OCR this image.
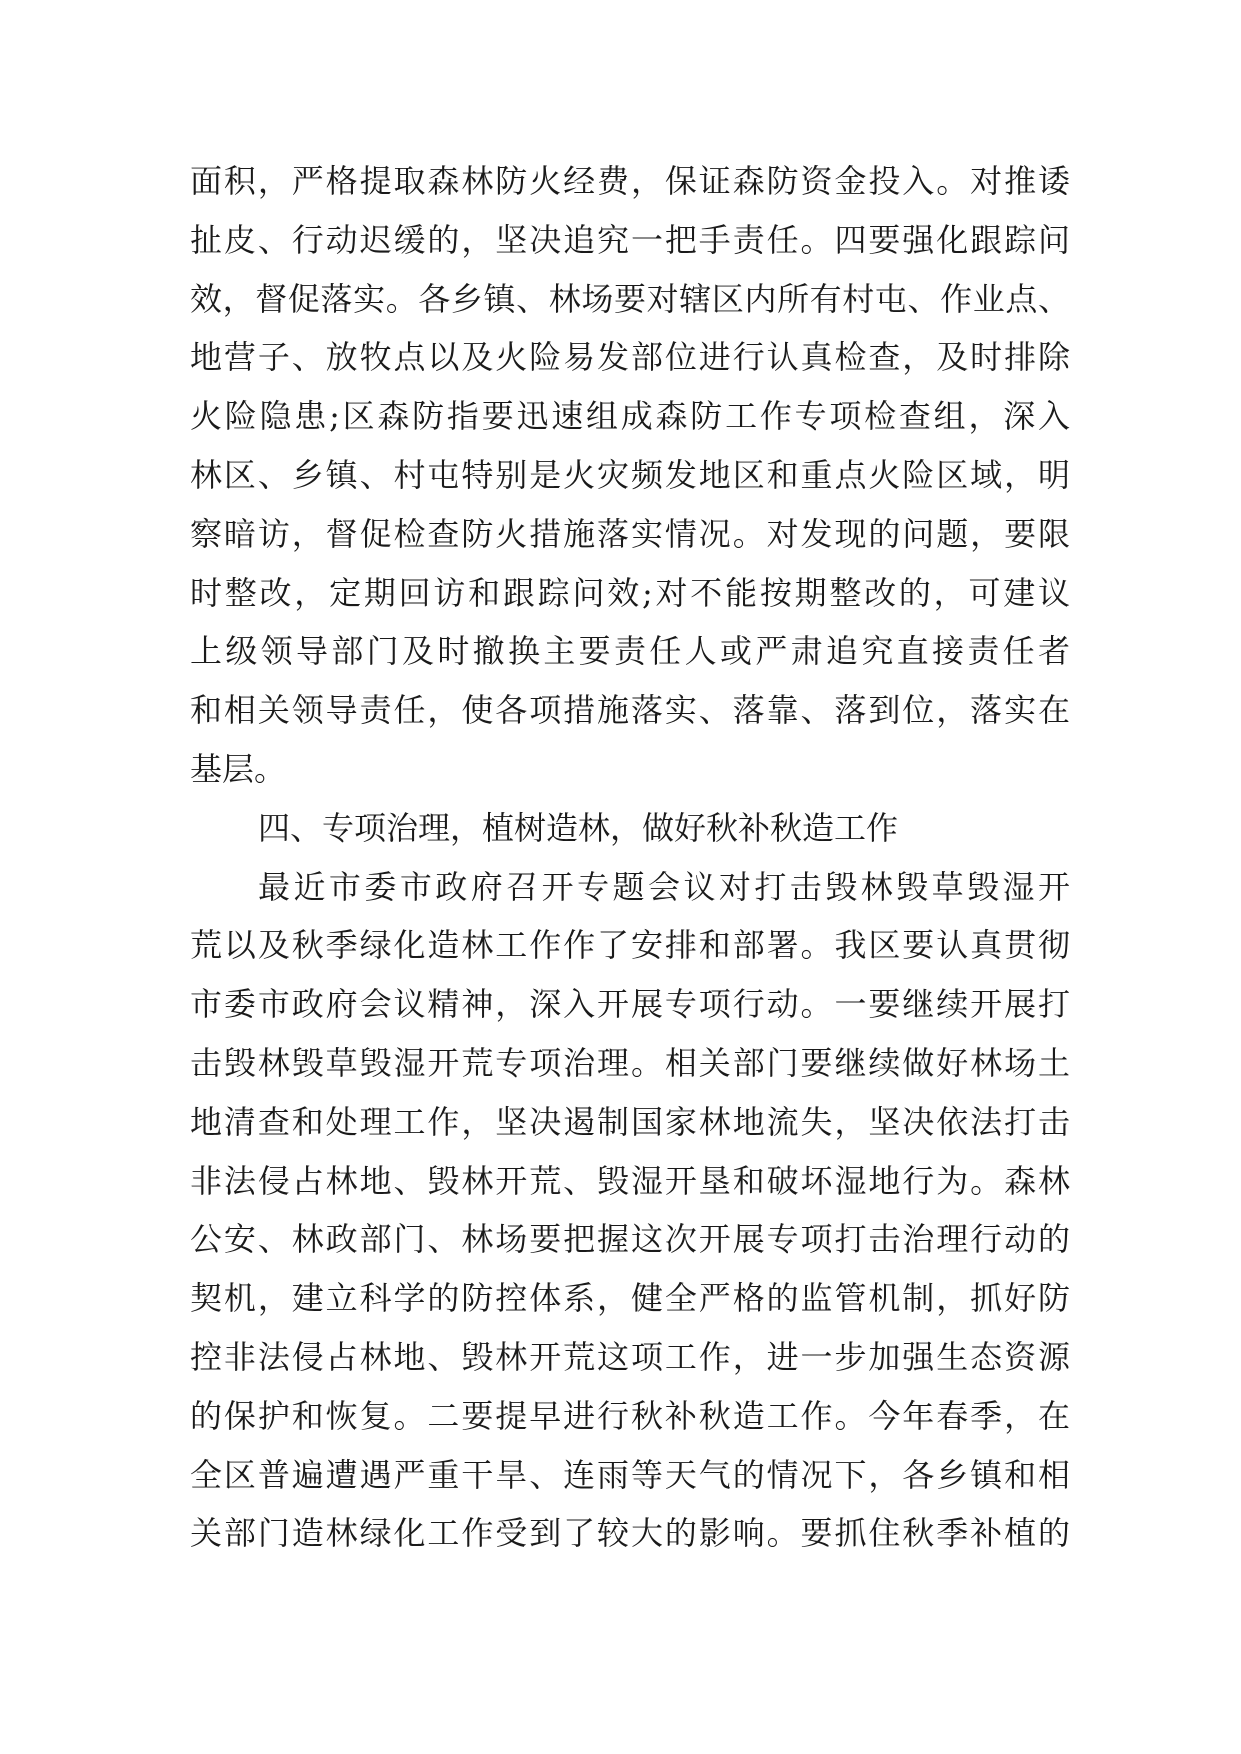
面积，严格提取森林防火经费，保证森防资金投入。对推诿
扯皮、行动迟缓的，坚决追究一把手责任。四要强化跟踪问
效，督促落实。各乡镇、林场要对辖区内所有村屯、作业点、
地营子、放牧点以及火险易发部位进行认真检查，及时排除
火险隐患;区森防指要迅速组成森防工作专项检查组，深入
林区、乡镇、村屯特别是火灾频发地区和重点火险区域，明
察暗访，督促检查防火措施落实情况。对发现的问题，要限
时整改，定期回访和跟踪问效;对不能按期整改的，可建议
上级领导部门及时撤换主要责任人或严肃追究直接责任者
和相关领导责任，使各项措施落实、落靠、落到位，落实在
基层。
四、专项治理，植树造林，做好秋补秋造工作
最近市委市政府召开专题会议对打击毁林毁草毁湿开
荒以及秋季绿化造林工作作了安排和部署。我区要认真贯彻
市委市政府会议精神，深入开展专项行动。一要继续开展打
击毁林毁草毁湿开荒专项治理。相关部门要继续做好林场土
地清查和处理工作，坚决遏制国家林地流失，坚决依法打击
非法侵占林地、毁林开荒、毁湿开垦和破坏湿地行为。森林
公安、林政部门、林场要把握这次开展专项打击治理行动的
契机，建立科学的防控体系，健全严格的监管机制，抓好防
控非法侵占林地、毁林开荒这项工作，进一步加强生态资源
的保护和恢复。二要提早进行秋补秋造工作。今年春季，在
全区普遍遭遇严重干旱、连雨等天气的情况下，各乡镇和相
关部门造林绿化工作受到了较大的影响。要抓住秋季补植的
